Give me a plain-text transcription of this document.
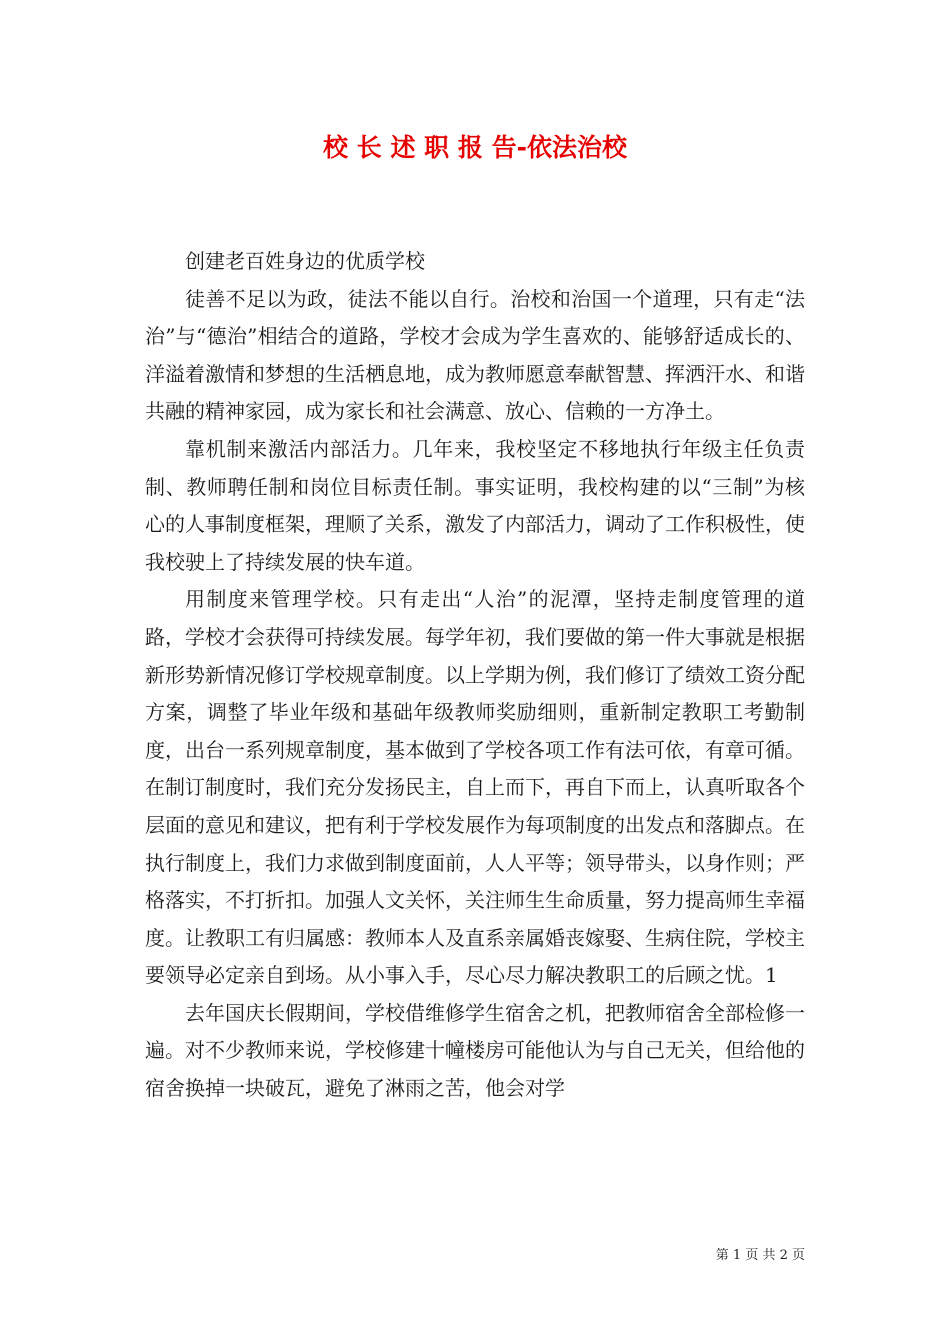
校 长 述 职 报 告-依法治校

创建老百姓身边的优质学校

徒善不足以为政，徒法不能以自行。治校和治国一个道理，只有走“法治”与“德治”相结合的道路，学校才会成为学生喜欢的、能够舒适成长的、洋溢着激情和梦想的生活栖息地，成为教师愿意奉献智慧、挥洒汗水、和谐共融的精神家园，成为家长和社会满意、放心、信赖的一方净土。

靠机制来激活内部活力。几年来，我校坚定不移地执行年级主任负责制、教师聘任制和岗位目标责任制。事实证明，我校构建的以“三制”为核心的人事制度框架，理顺了关系，激发了内部活力，调动了工作积极性，使我校驶上了持续发展的快车道。

用制度来管理学校。只有走出“人治”的泥潭，坚持走制度管理的道路，学校才会获得可持续发展。每学年初，我们要做的第一件大事就是根据新形势新情况修订学校规章制度。以上学期为例，我们修订了绩效工资分配方案，调整了毕业年级和基础年级教师奖励细则，重新制定教职工考勤制度，出台一系列规章制度，基本做到了学校各项工作有法可依，有章可循。在制订制度时，我们充分发扬民主，自上而下，再自下而上，认真听取各个层面的意见和建议，把有利于学校发展作为每项制度的出发点和落脚点。在执行制度上，我们力求做到制度面前，人人平等；领导带头，以身作则；严格落实，不打折扣。加强人文关怀，关注师生生命质量，努力提高师生幸福度。让教职工有归属感：教师本人及直系亲属婚丧嫁娶、生病住院，学校主要领导必定亲自到场。从小事入手，尽心尽力解决教职工的后顾之忧。1

去年国庆长假期间，学校借维修学生宿舍之机，把教师宿舍全部检修一遍。对不少教师来说，学校修建十幢楼房可能他认为与自己无关，但给他的宿舍换掉一块破瓦，避免了淋雨之苦，他会对学

第 1 页 共 2 页
